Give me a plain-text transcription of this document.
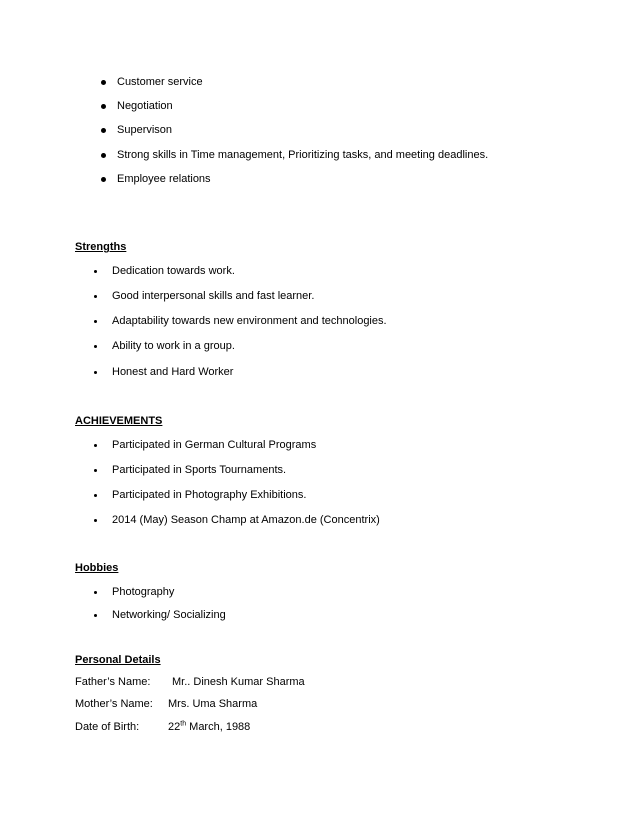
Customer service
Negotiation
Supervison
Strong skills in Time management, Prioritizing tasks, and meeting deadlines.
Employee relations
Strengths
Dedication towards work.
Good interpersonal skills and fast learner.
Adaptability towards new environment and technologies.
Ability to work in a group.
Honest and Hard Worker
ACHIEVEMENTS
Participated in German Cultural Programs
Participated in Sports Tournaments.
Participated in Photography Exhibitions.
2014 (May) Season Champ at Amazon.de (Concentrix)
Hobbies
Photography
Networking/ Socializing
Personal Details
Father’s Name: Mr.. Dinesh Kumar Sharma
Mother’s Name: Mrs. Uma Sharma
Date of Birth:	22th March, 1988
